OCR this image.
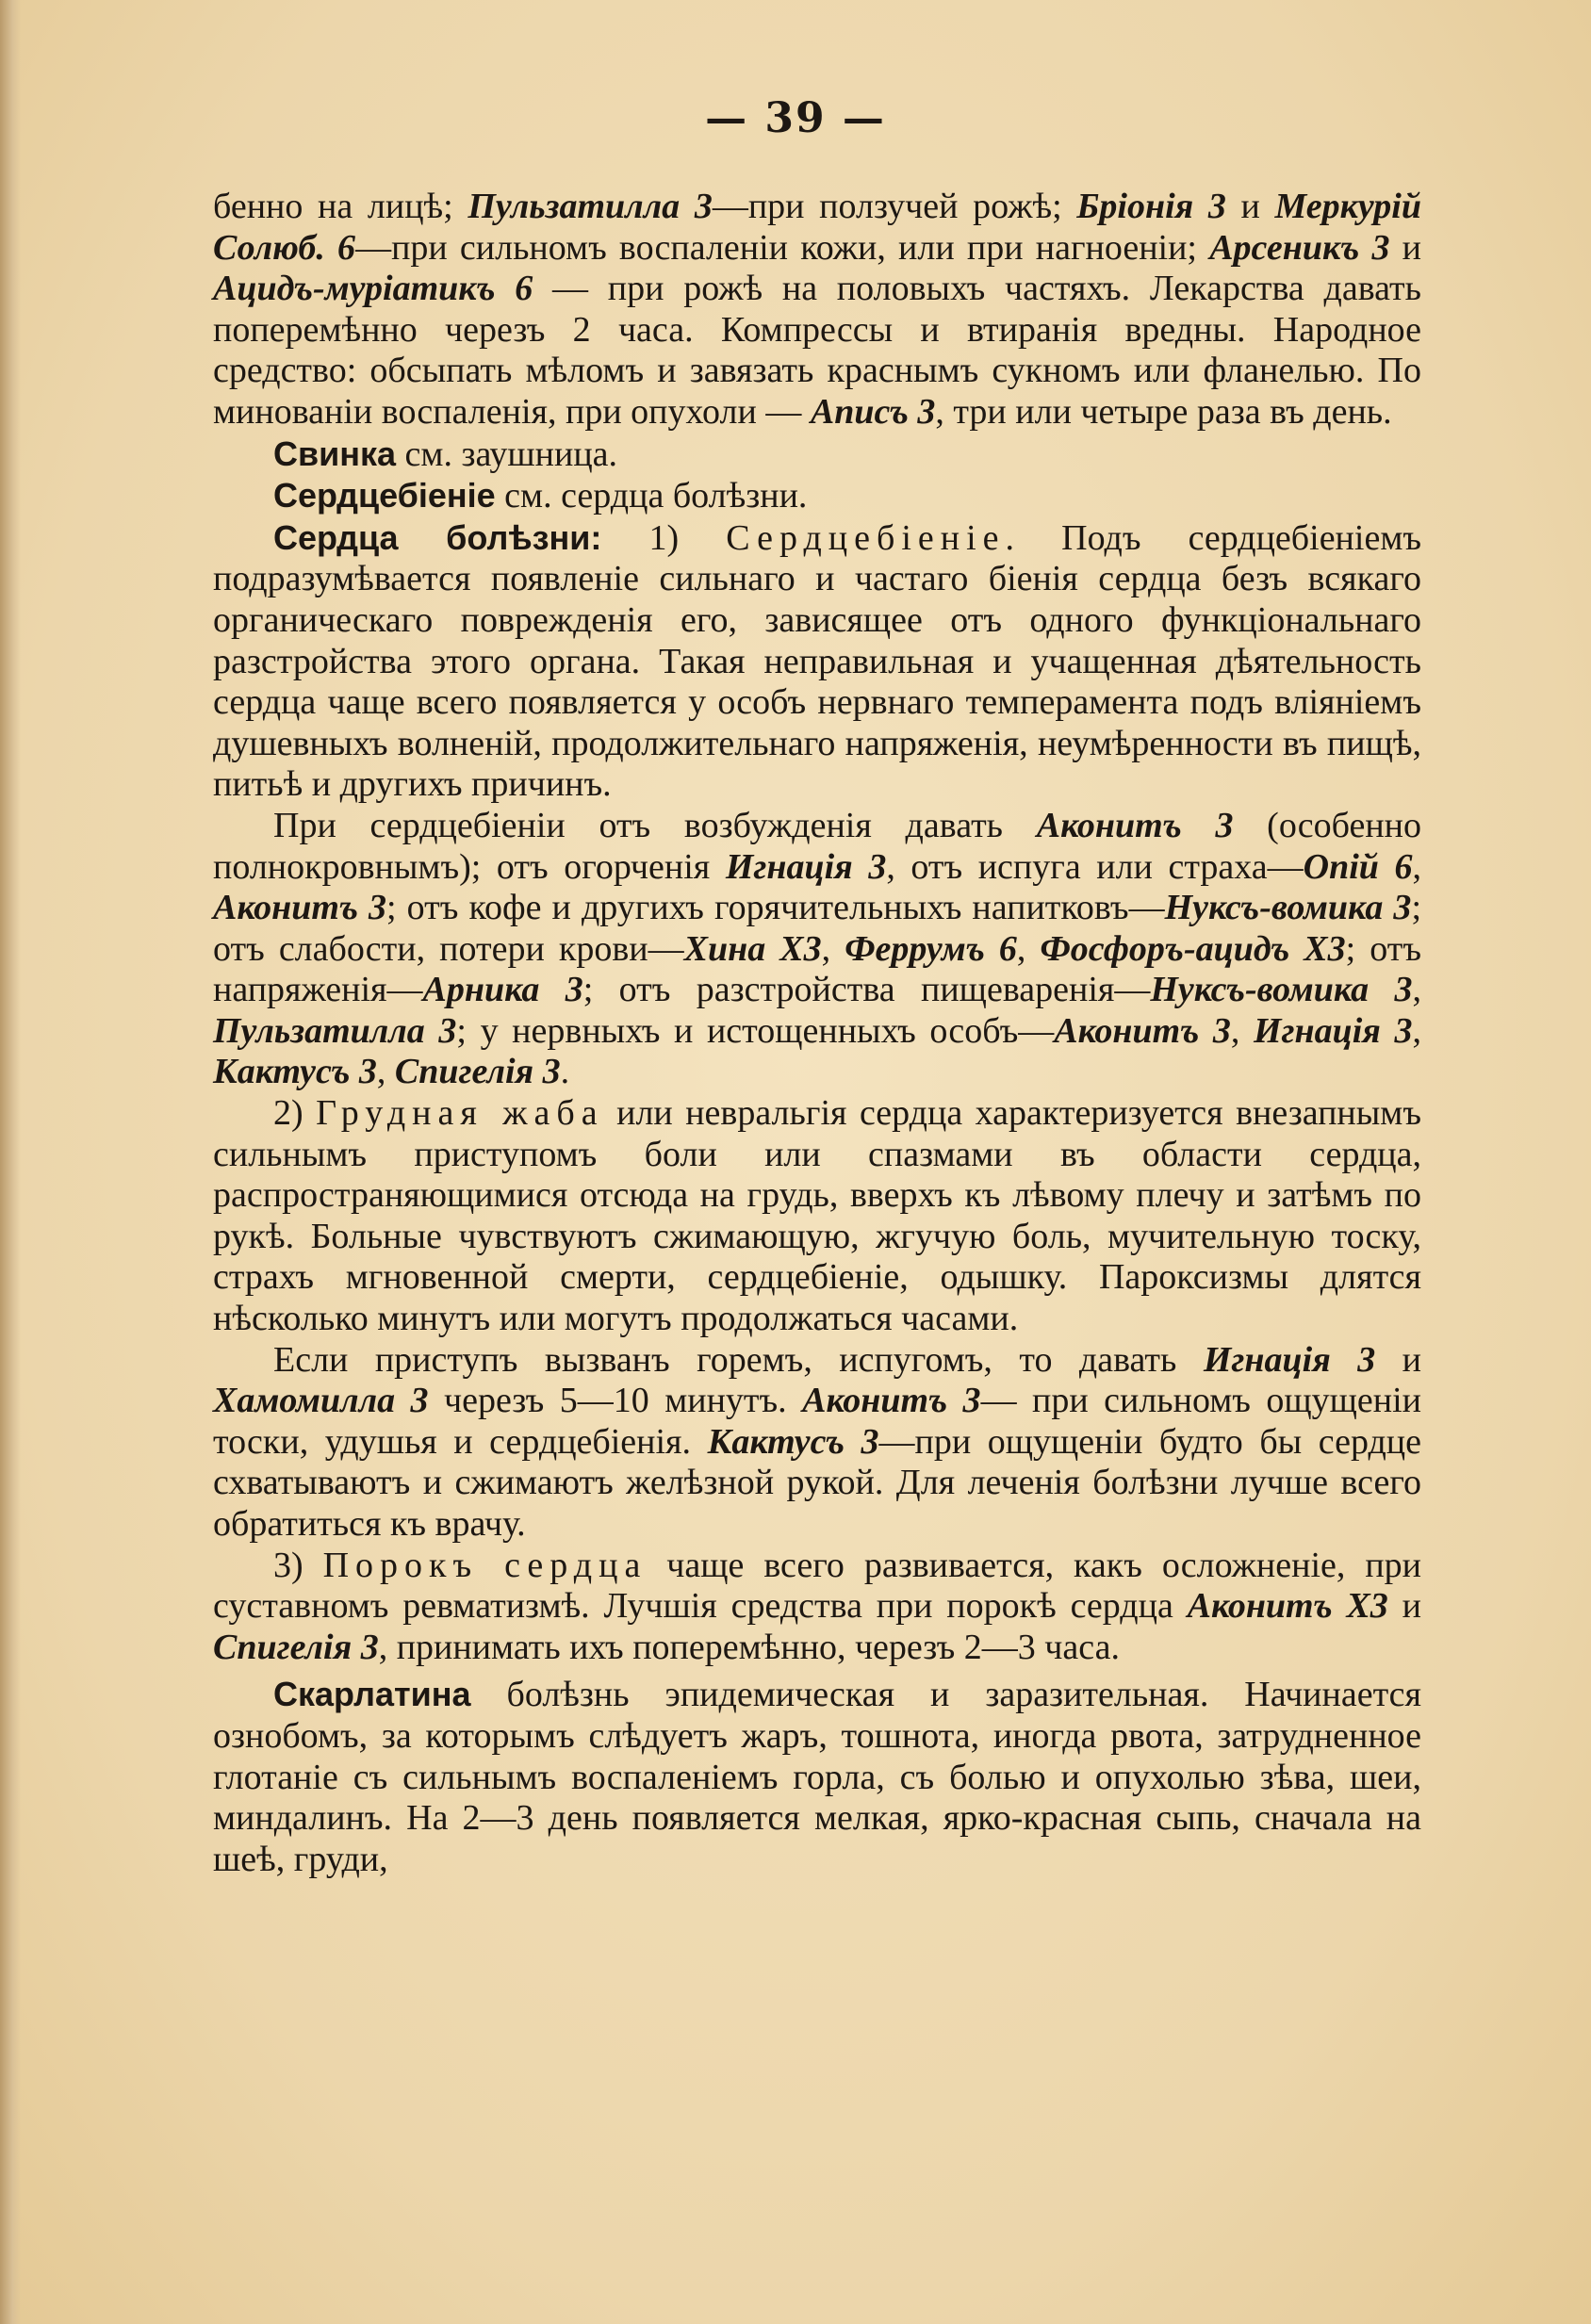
— 39 —

бенно на лицѣ; Пульзатилла 3—при ползучей рожѣ; Бріонія 3 и Меркурій Солюб. 6—при сильномъ воспаленіи кожи, или при нагноеніи; Арсеникъ 3 и Ацидъ-муріатикъ 6 — при рожѣ на половыхъ частяхъ. Лекарства давать поперемѣнно черезъ 2 часа. Компрессы и втиранія вредны. Народное средство: обсыпать мѣломъ и завязать краснымъ сукномъ или фланелью. По минованіи воспаленія, при опухоли — Аписъ 3, три или четыре раза въ день.

Свинка см. заушница.

Сердцебіеніе см. сердца болѣзни.

Сердца болѣзни: 1) Сердцебіеніе. Подъ сердцебіеніемъ подразумѣвается появленіе сильнаго и частаго біенія сердца безъ всякаго органическаго поврежденія его, зависящее отъ одного функціональнаго разстройства этого органа. Такая неправильная и учащенная дѣятельность сердца чаще всего появляется у особъ нервнаго темперамента подъ вліяніемъ душевныхъ волненій, продолжительнаго напряженія, неумѣренности въ пищѣ, питьѣ и другихъ причинъ.

При сердцебіеніи отъ возбужденія давать Аконитъ 3 (особенно полнокровнымъ); отъ огорченія Игнація 3, отъ испуга или страха—Опій 6, Аконитъ 3; отъ кофе и другихъ горячительныхъ напитковъ—Нуксъ-вомика 3; отъ слабости, потери крови—Хина X3, Феррумъ 6, Фосфоръ-ацидъ X3; отъ напряженія—Арника 3; отъ разстройства пищеваренія—Нуксъ-вомика 3, Пульзатилла 3; у нервныхъ и истощенныхъ особъ—Аконитъ 3, Игнація 3, Кактусъ 3, Спигелія 3.

2) Грудная жаба или невральгія сердца характеризуется внезапнымъ сильнымъ приступомъ боли или спазмами въ области сердца, распространяющимися отсюда на грудь, вверхъ къ лѣвому плечу и затѣмъ по рукѣ. Больные чувствуютъ сжимающую, жгучую боль, мучительную тоску, страхъ мгновенной смерти, сердцебіеніе, одышку. Пароксизмы длятся нѣсколько минутъ или могутъ продолжаться часами.

Если приступъ вызванъ горемъ, испугомъ, то давать Игнація 3 и Хамомилла 3 черезъ 5—10 минутъ. Аконитъ 3— при сильномъ ощущеніи тоски, удушья и сердцебіенія. Кактусъ 3—при ощущеніи будто бы сердце схватываютъ и сжимаютъ желѣзной рукой. Для леченія болѣзни лучше всего обратиться къ врачу.

3) Порокъ сердца чаще всего развивается, какъ осложненіе, при суставномъ ревматизмѣ. Лучшія средства при порокѣ сердца Аконитъ X3 и Спигелія 3, принимать ихъ поперемѣнно, черезъ 2—3 часа.

Скарлатина болѣзнь эпидемическая и заразительная. Начинается ознобомъ, за которымъ слѣдуетъ жаръ, тошнота, иногда рвота, затрудненное глотаніе съ сильнымъ воспаленіемъ горла, съ болью и опухолью зѣва, шеи, миндалинъ. На 2—3 день появляется мелкая, ярко-красная сыпь, сначала на шеѣ, груди,
